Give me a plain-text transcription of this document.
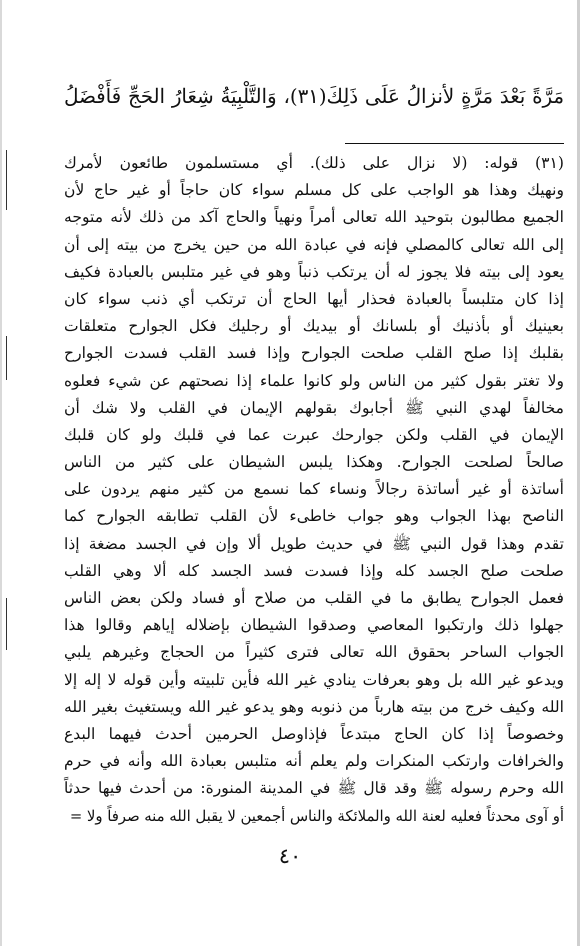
مَرَّةً بَعْدَ مَرَّةٍ لأنزالُ عَلَى ذَلِكَ(٣١)، وَالتَّلْبِيَةُ شِعَارُ الحَجِّ فَأَفْضَلُ
(٣١) قوله: (لا نزال على ذلك). أي مستسلمون طائعون لأمرك
ونهيك وهذا هو الواجب على كل مسلم سواء كان حاجاً أو غير حاج لأن
الجميع مطالبون بتوحيد الله تعالى أمراً ونهياً والحاج آكد من ذلك لأنه متوجه
إلى الله تعالى كالمصلي فإنه في عبادة الله من حين يخرج من بيته إلى أن
يعود إلى بيته فلا يجوز له أن يرتكب ذنباً وهو في غير متلبس بالعبادة فكيف
إذا كان متلبساً بالعبادة فحذار أيها الحاج أن ترتكب أي ذنب سواء كان
بعينيك أو بأذنيك أو بلسانك أو بيديك أو رجليك فكل الجوارح متعلقات
بقلبك إذا صلح القلب صلحت الجوارح وإذا فسد القلب فسدت الجوارح
ولا تغتر بقول كثير من الناس ولو كانوا علماء إذا نصحتهم عن شيء فعلوه
مخالفاً لهدي النبي ﷺ أجابوك بقولهم الإيمان في القلب ولا شك أن
الإيمان في القلب ولكن جوارحك عبرت عما في قلبك ولو كان قلبك
صالحاً لصلحت الجوارح. وهكذا يلبس الشيطان على كثير من الناس
أساتذة أو غير أساتذة رجالاً ونساء كما نسمع من كثير منهم يردون على
الناصح بهذا الجواب وهو جواب خاطىء لأن القلب تطابقه الجوارح كما
تقدم وهذا قول النبي ﷺ في حديث طويل ألا وإن في الجسد مضغة إذا
صلحت صلح الجسد كله وإذا فسدت فسد الجسد كله ألا وهي القلب
فعمل الجوارح يطابق ما في القلب من صلاح أو فساد ولكن بعض الناس
جهلوا ذلك وارتكبوا المعاصي وصدقوا الشيطان بإضلاله إياهم وقالوا هذا
الجواب الساحر بحقوق الله تعالى فترى كثيراً من الحجاج وغيرهم يلبي
ويدعو غير الله بل وهو بعرفات ينادي غير الله فأين تلبيته وأين قوله لا إله إلا
الله وكيف خرج من بيته هارباً من ذنوبه وهو يدعو غير الله ويستغيث بغير الله
وخصوصاً إذا كان الحاج مبتدعاً فإذاوصل الحرمين أحدث فيهما البدع
والخرافات وارتكب المنكرات ولم يعلم أنه متلبس بعبادة الله وأنه في حرم
الله وحرم رسوله ﷺ وقد قال ﷺ في المدينة المنورة: من أحدث فيها حدثاً
أو آوى محدثاً فعليه لعنة الله والملائكة والناس أجمعين لا يقبل الله منه صرفاً ولا =
٤٠
